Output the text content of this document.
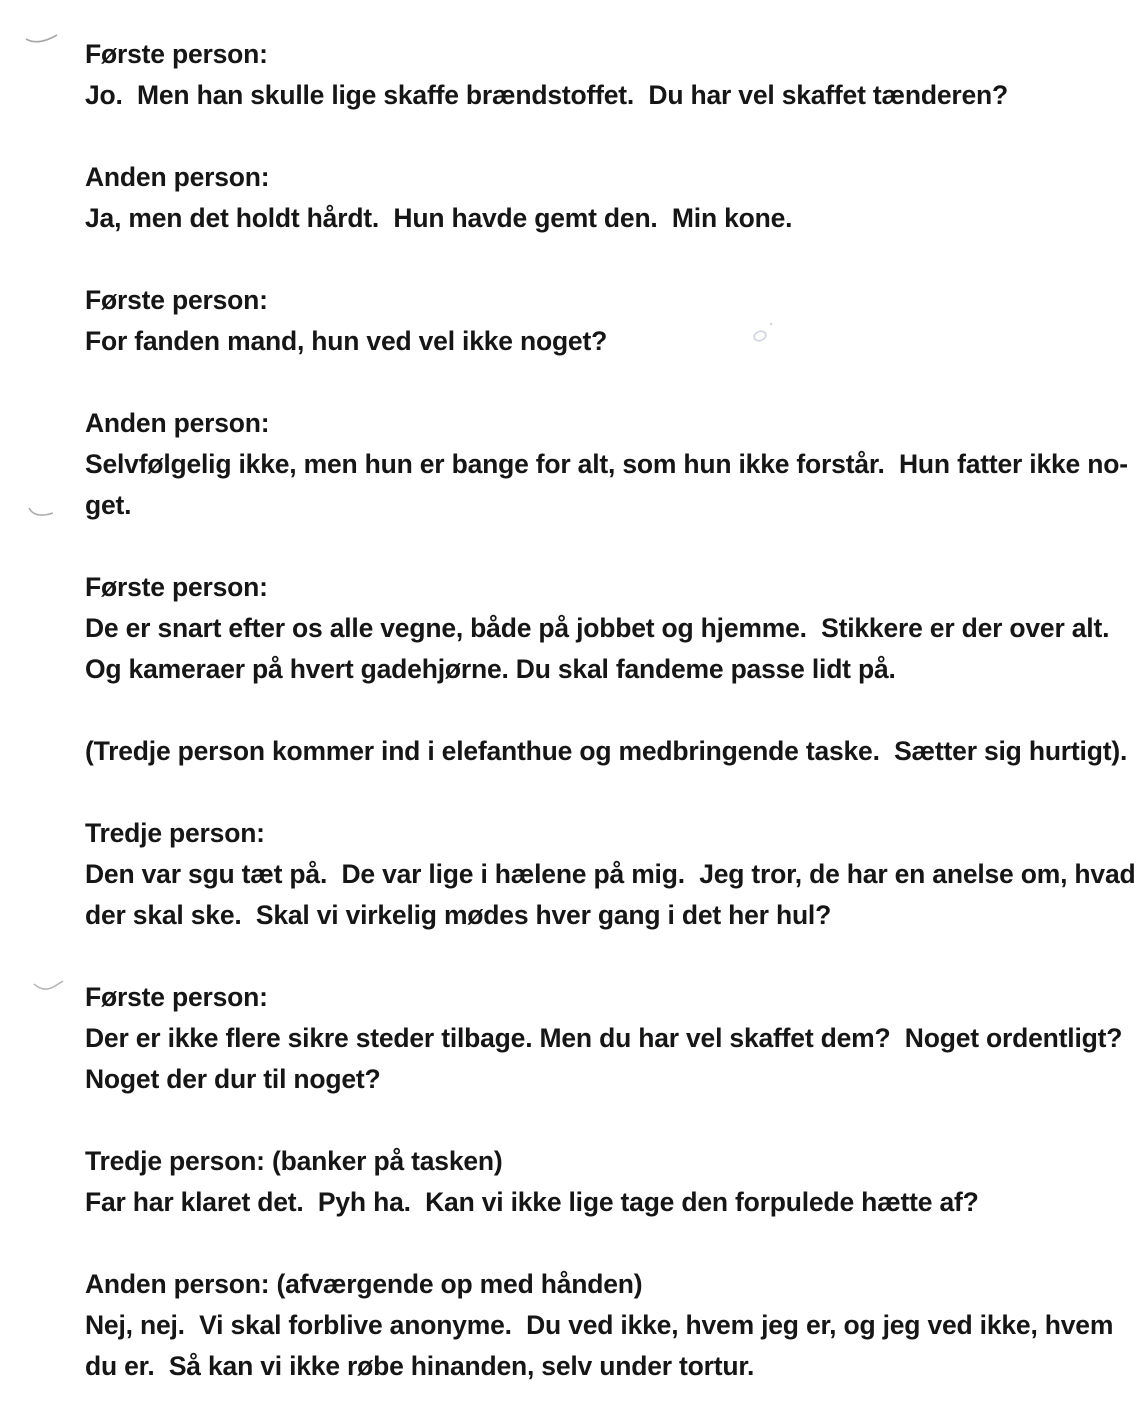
Første person:
Jo.  Men han skulle lige skaffe brændstoffet.  Du har vel skaffet tænderen?
Anden person:
Ja, men det holdt hårdt.  Hun havde gemt den.  Min kone.
Første person:
For fanden mand, hun ved vel ikke noget?
Anden person:
Selvfølgelig ikke, men hun er bange for alt, som hun ikke forstår.  Hun fatter ikke no-
get.
Første person:
De er snart efter os alle vegne, både på jobbet og hjemme.  Stikkere er der over alt.
Og kameraer på hvert gadehjørne. Du skal fandeme passe lidt på.
(Tredje person kommer ind i elefanthue og medbringende taske.  Sætter sig hurtigt).
Tredje person:
Den var sgu tæt på.  De var lige i hælene på mig.  Jeg tror, de har en anelse om, hvad
der skal ske.  Skal vi virkelig mødes hver gang i det her hul?
Første person:
Der er ikke flere sikre steder tilbage. Men du har vel skaffet dem?  Noget ordentligt?
Noget der dur til noget?
Tredje person: (banker på tasken)
Far har klaret det.  Pyh ha.  Kan vi ikke lige tage den forpulede hætte af?
Anden person: (afværgende op med hånden)
Nej, nej.  Vi skal forblive anonyme.  Du ved ikke, hvem jeg er, og jeg ved ikke, hvem
du er.  Så kan vi ikke røbe hinanden, selv under tortur.
